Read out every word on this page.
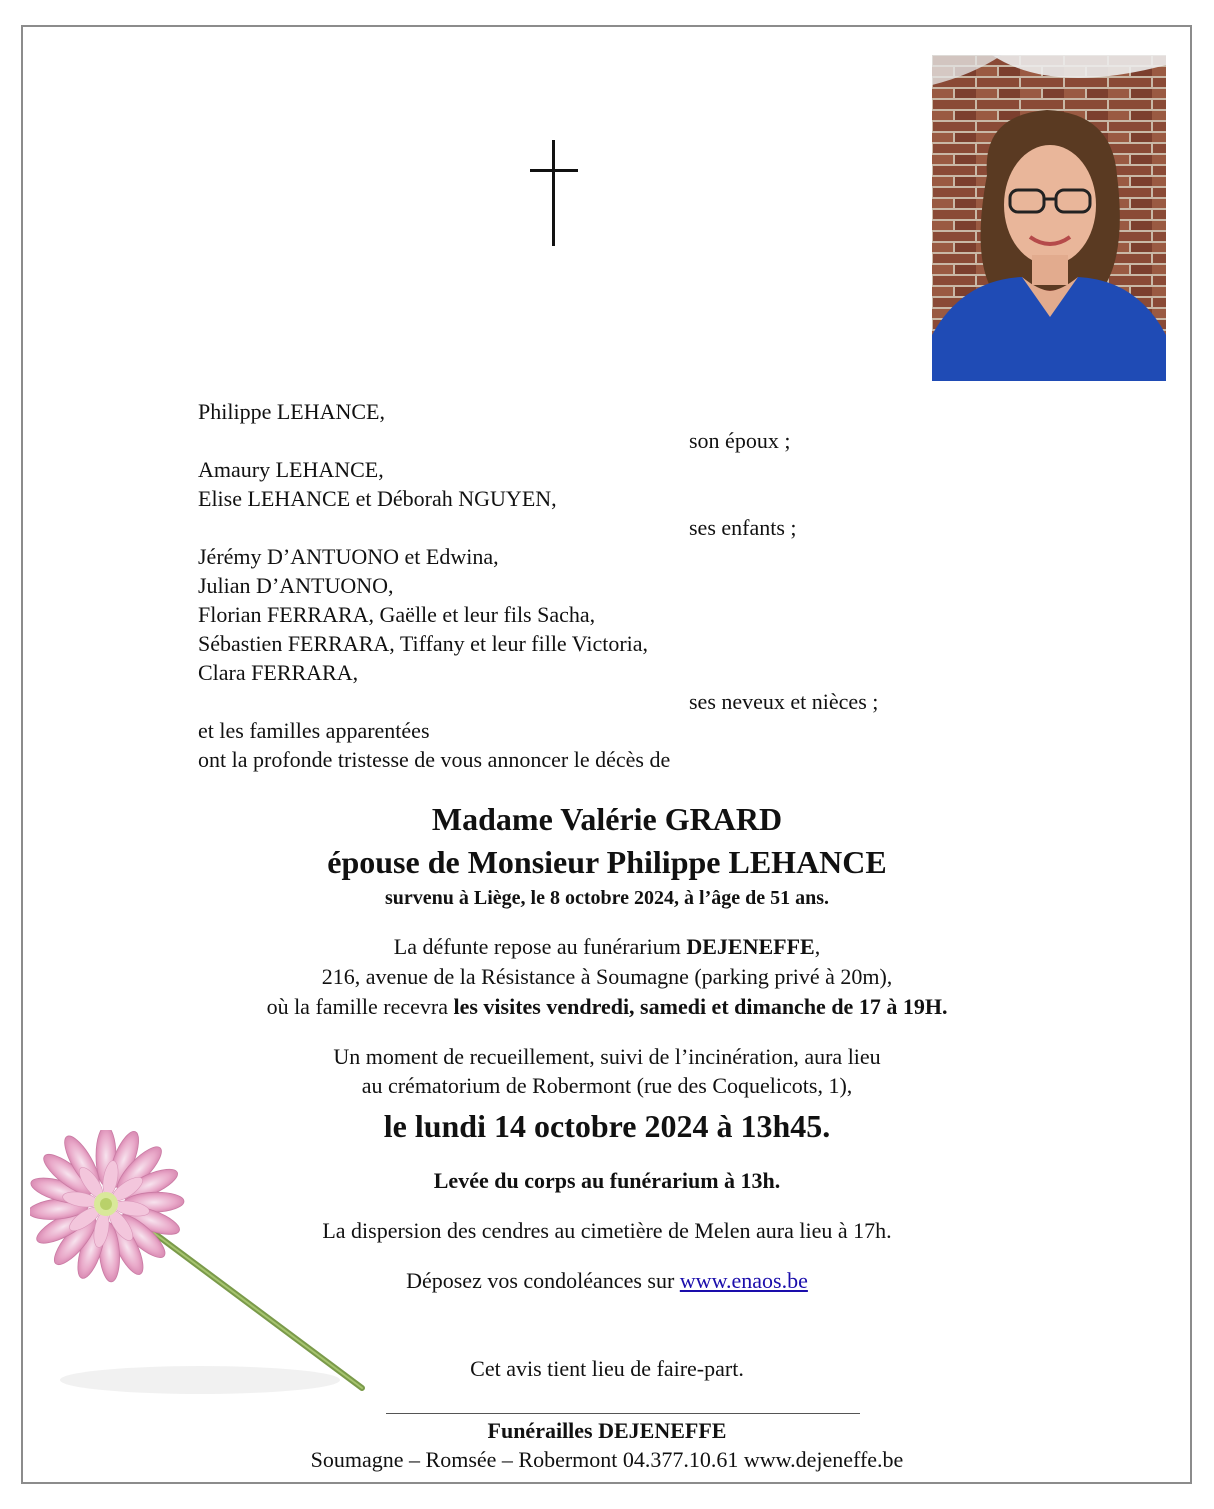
Philippe LEHANCE,
son époux ;
Amaury LEHANCE,
Elise LEHANCE et Déborah NGUYEN,
ses enfants ;
Jérémy D’ANTUONO et Edwina,
Julian D’ANTUONO,
Florian FERRARA, Gaëlle et leur fils Sacha,
Sébastien FERRARA, Tiffany et leur fille Victoria,
Clara FERRARA,
ses neveux et nièces ;
et les familles apparentées
ont la profonde tristesse de vous annoncer le décès de
Madame Valérie GRARD
épouse de Monsieur Philippe LEHANCE
survenu à Liège, le 8 octobre 2024, à l’âge de 51 ans.
La défunte repose au funérarium DEJENEFFE,
216, avenue de la Résistance à Soumagne (parking privé à 20m),
où la famille recevra les visites vendredi, samedi et dimanche de 17 à 19H.
Un moment de recueillement, suivi de l’incinération, aura lieu
au crématorium de Robermont (rue des Coquelicots, 1),
le lundi 14 octobre 2024 à 13h45.
Levée du corps au funérarium à 13h.
La dispersion des cendres au cimetière de Melen aura lieu à 17h.
Déposez vos condoléances sur www.enaos.be
Cet avis tient lieu de faire-part.
Funérailles DEJENEFFE
Soumagne – Romsée – Robermont 04.377.10.61 www.dejeneffe.be
